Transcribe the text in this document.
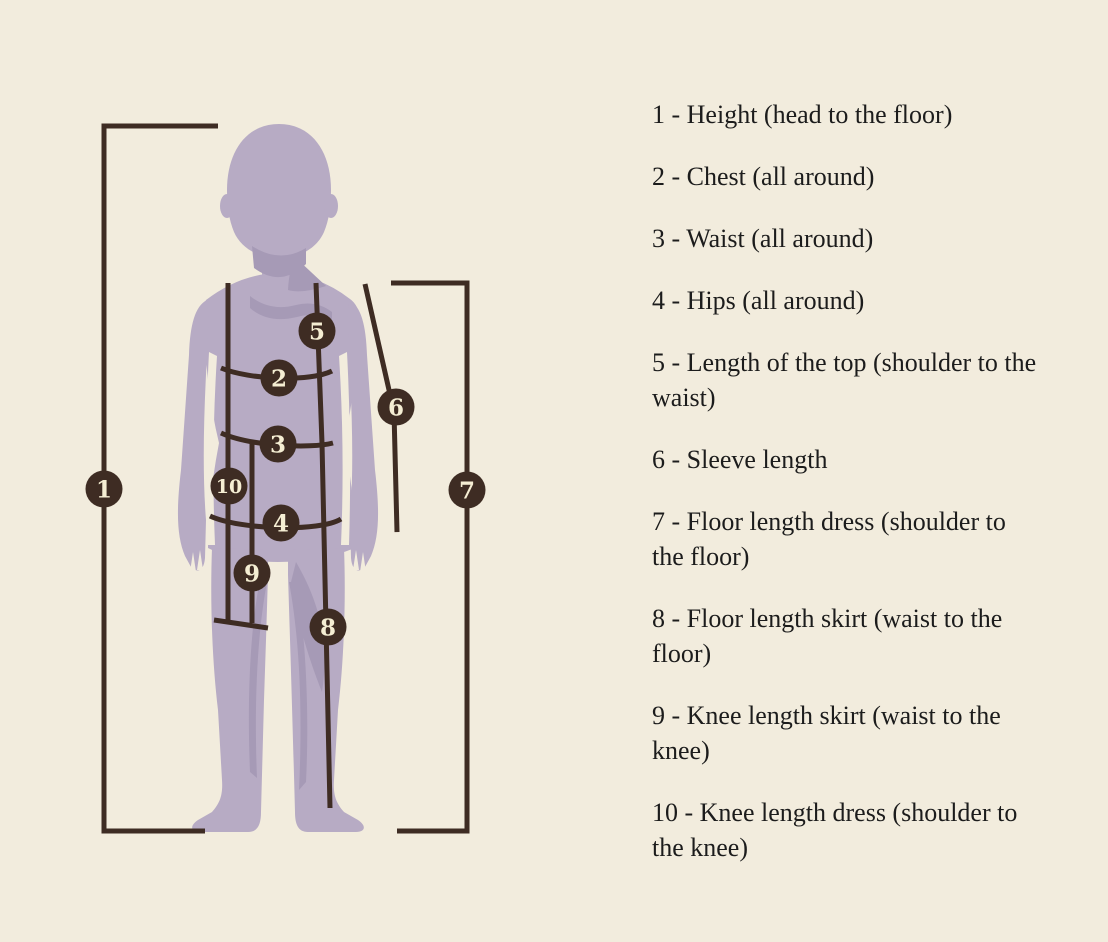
1
2
3
4
5
6
7
8
9
10

1 - Height (head to the floor)

2 - Chest (all around)

3 - Waist (all around)

4 - Hips (all around)

5 - Length of the top (shoulder to the waist)

6 - Sleeve length

7 - Floor length dress (shoulder to the floor)

8 - Floor length skirt (waist to the floor)

9 - Knee length skirt (waist to the knee)

10 - Knee length dress (shoulder to the knee)
